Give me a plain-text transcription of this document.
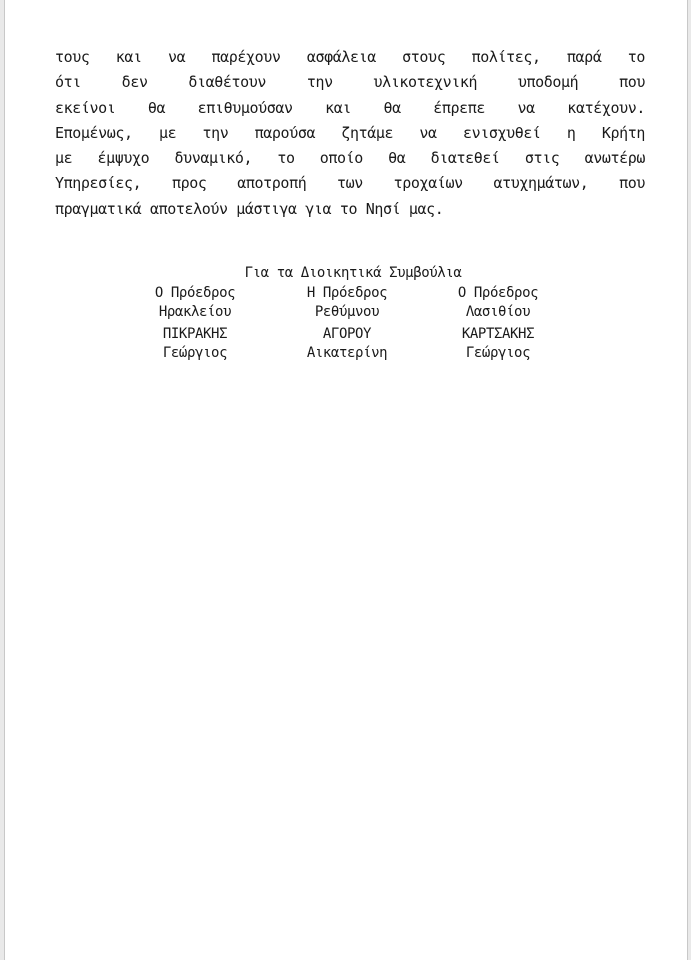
τους και να παρέχουν ασφάλεια στους πολίτες, παρά το
ότι δεν διαθέτουν την υλικοτεχνική υποδομή που
εκείνοι θα επιθυμούσαν και θα έπρεπε να κατέχουν.
Επομένως, με την παρούσα ζητάμε να ενισχυθεί η Κρήτη
με έμψυχο δυναμικό, το οποίο θα διατεθεί στις ανωτέρω
Υπηρεσίες, προς αποτροπή των τροχαίων ατυχημάτων, που
πραγματικά αποτελούν μάστιγα για το Νησί μας.
Για τα Διοικητικά Συμβούλια
Ο Πρόεδρος
Ηρακλείου
ΠΙΚΡΑΚΗΣ
Γεώργιος
Η Πρόεδρος
Ρεθύμνου
ΑΓΟΡΟΥ
Αικατερίνη
Ο Πρόεδρος
Λασιθίου
ΚΑΡΤΣΑΚΗΣ
Γεώργιος
